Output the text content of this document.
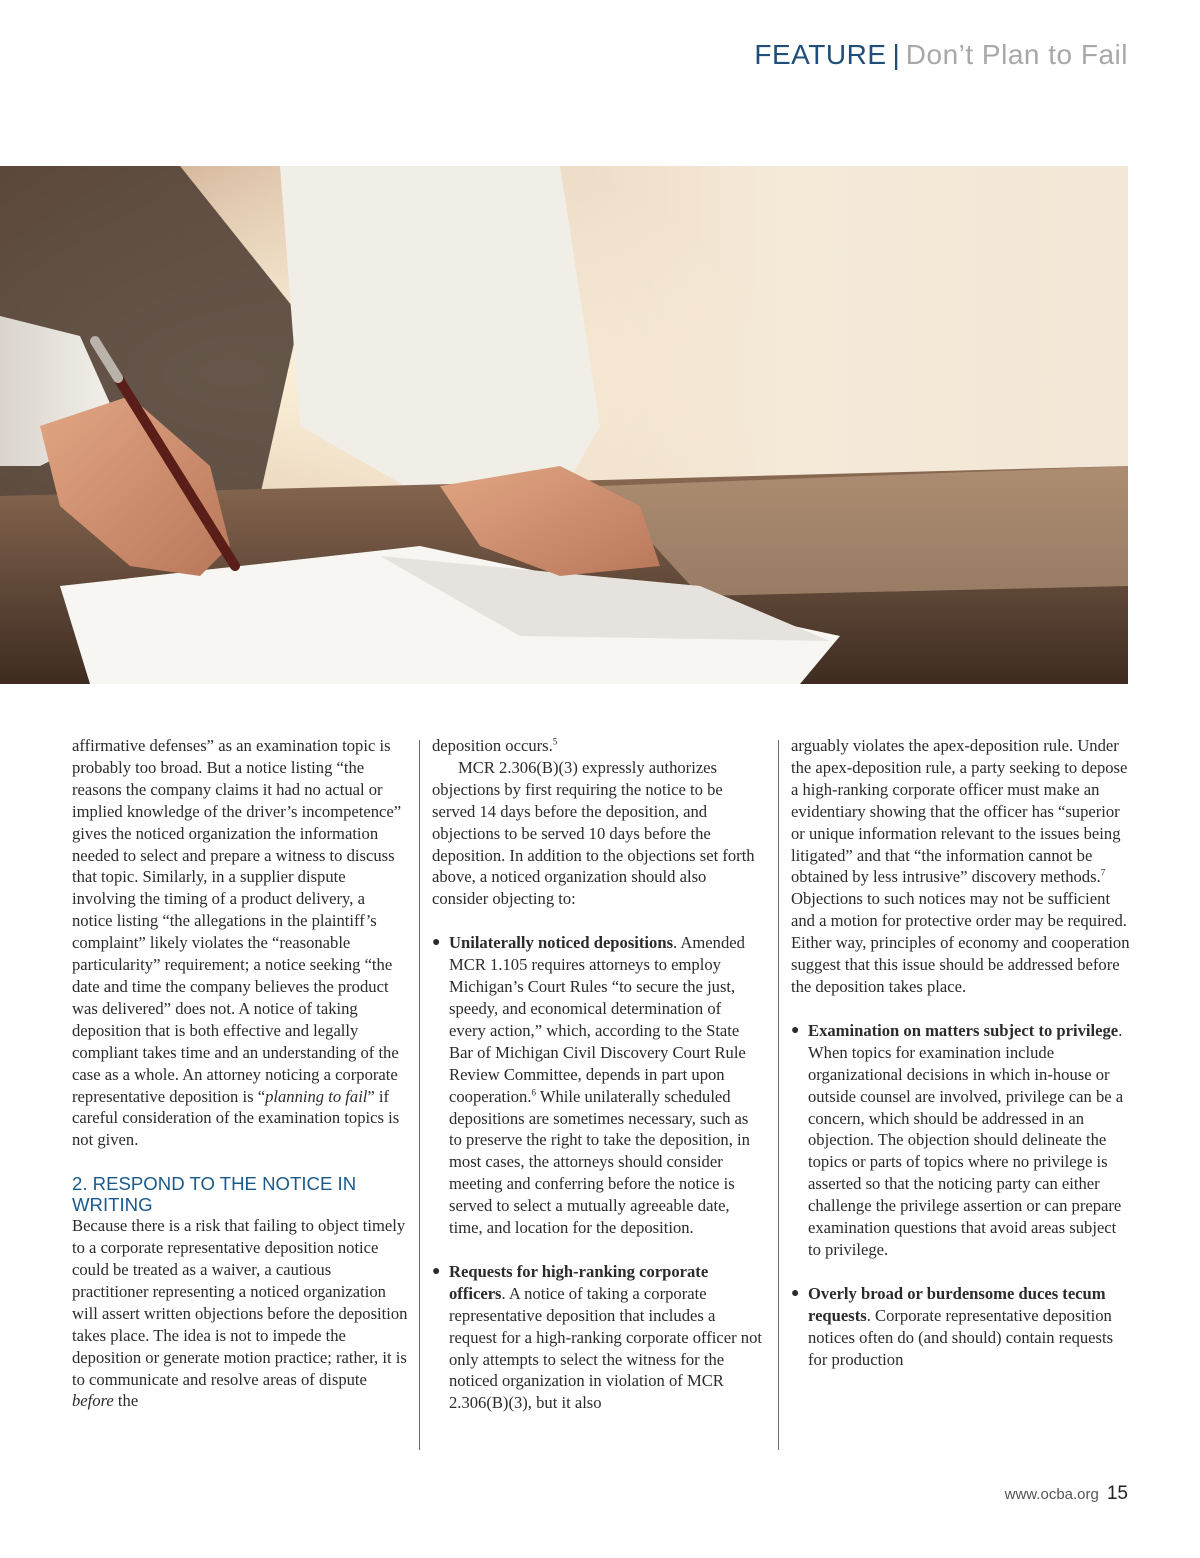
FEATURE | Don’t Plan to Fail

affirmative defenses” as an examination topic is probably too broad. But a notice listing “the reasons the company claims it had no actual or implied knowledge of the driver’s incompetence” gives the noticed organization the information needed to select and prepare a witness to discuss that topic. Similarly, in a supplier dispute involving the timing of a product delivery, a notice listing “the allegations in the plaintiff’s complaint” likely violates the “reasonable particularity” requirement; a notice seeking “the date and time the company believes the product was delivered” does not. A notice of taking deposition that is both effective and legally compliant takes time and an understanding of the case as a whole. An attorney noticing a corporate representative deposition is “planning to fail” if careful consideration of the examination topics is not given.

2. RESPOND TO THE NOTICE IN WRITING

Because there is a risk that failing to object timely to a corporate representative deposition notice could be treated as a waiver, a cautious practitioner representing a noticed organization will assert written objections before the deposition takes place. The idea is not to impede the deposition or generate motion practice; rather, it is to communicate and resolve areas of dispute before the

deposition occurs.$^5$

MCR 2.306(B)(3) expressly authorizes objections by first requiring the notice to be served 14 days before the deposition, and objections to be served 10 days before the deposition. In addition to the objections set forth above, a noticed organization should also consider objecting to:

● Unilaterally noticed depositions. Amended MCR 1.105 requires attorneys to employ Michigan’s Court Rules “to secure the just, speedy, and economical determination of every action,” which, according to the State Bar of Michigan Civil Discovery Court Rule Review Committee, depends in part upon cooperation.$^6$ While unilaterally scheduled depositions are sometimes necessary, such as to preserve the right to take the deposition, in most cases, the attorneys should consider meeting and conferring before the notice is served to select a mutually agreeable date, time, and location for the deposition.

● Requests for high-ranking corporate officers. A notice of taking a corporate representative deposition that includes a request for a high-ranking corporate officer not only attempts to select the witness for the noticed organization in violation of MCR 2.306(B)(3), but it also

arguably violates the apex-deposition rule. Under the apex-deposition rule, a party seeking to depose a high-ranking corporate officer must make an evidentiary showing that the officer has “superior or unique information relevant to the issues being litigated” and that “the information cannot be obtained by less intrusive” discovery methods.$^7$ Objections to such notices may not be sufficient and a motion for protective order may be required. Either way, principles of economy and cooperation suggest that this issue should be addressed before the deposition takes place.

● Examination on matters subject to privilege. When topics for examination include organizational decisions in which in-house or outside counsel are involved, privilege can be a concern, which should be addressed in an objection. The objection should delineate the topics or parts of topics where no privilege is asserted so that the noticing party can either challenge the privilege assertion or can prepare examination questions that avoid areas subject to privilege.

● Overly broad or burdensome duces tecum requests. Corporate representative deposition notices often do (and should) contain requests for production

www.ocba.org 15
